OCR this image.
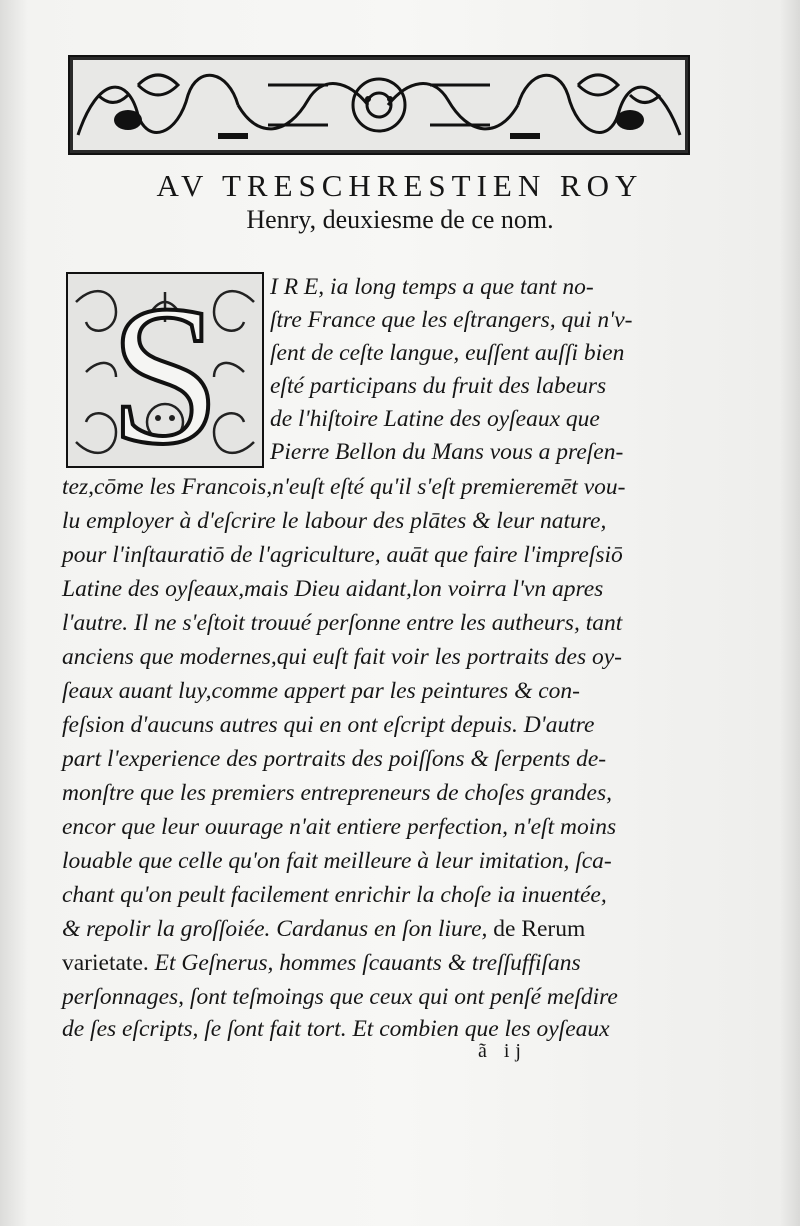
AV TRESCHRESTIEN ROY
Henry, deuxiesme de ce nom.
S I R E, ia long temps a que tant no-
ſtre France que les eſtrangers, qui n'v-
ſent de ceſte langue, euſſent auſſi bien
eſté participans du fruit des labeurs
de l'hiſtoire Latine des oyſeaux que
Pierre Bellon du Mans vous a preſen-
tez,cōme les Francois,n'euſt eſté qu'il s'eſt premieremēt vou-
lu employer à d'eſcrire le labour des plātes & leur nature,
pour l'inſtauratiō de l'agriculture, auāt que faire l'impreſsiō
Latine des oyſeaux,mais Dieu aidant,lon voirra l'vn apres
l'autre. Il ne s'eſtoit trouué perſonne entre les autheurs, tant
anciens que modernes,qui euſt fait voir les portraits des oy-
ſeaux auant luy,comme appert par les peintures & con-
feſsion d'aucuns autres qui en ont eſcript depuis. D'autre
part l'experience des portraits des poiſſons & ſerpents de-
monſtre que les premiers entrepreneurs de choſes grandes,
encor que leur ouurage n'ait entiere perfection, n'eſt moins
louable que celle qu'on fait meilleure à leur imitation, ſca-
chant qu'on peult facilement enrichir la choſe ia inuentée,
& repolir la groſſoiée. Cardanus en ſon liure, de Rerum
varietate. Et Geſnerus, hommes ſcauants & treſſuffiſans
perſonnages, ſont teſmoings que ceux qui ont penſé meſdire
de ſes eſcripts, ſe ſont fait tort. Et combien que les oyſeaux
ã ij
